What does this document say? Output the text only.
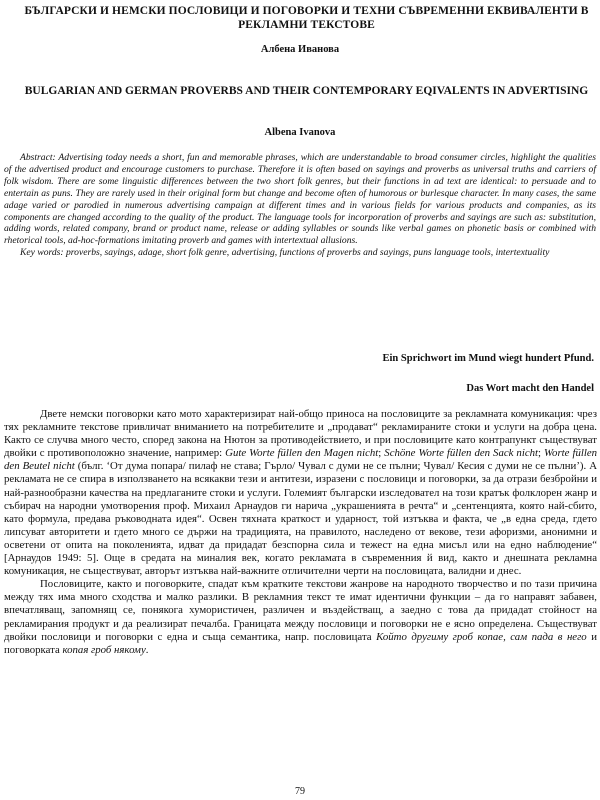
БЪЛГАРСКИ И НЕМСКИ ПОСЛОВИЦИ И ПОГОВОРКИ И ТЕХНИ СЪВРЕМЕННИ ЕКВИВАЛЕНТИ В РЕКЛАМНИ ТЕКСТОВЕ
Албена Иванова
BULGARIAN AND GERMAN PROVERBS AND THEIR CONTEMPORARY EQIVALENTS IN ADVERTISING
Albena Ivanova

Abstract: Advertising today needs a short, fun and memorable phrases, which are understandable to broad consumer circles, highlight the qualities of the advertised product and encourage customers to purchase. Therefore it is often based on sayings and proverbs as universal truths and carriers of folk wisdom. There are some linguistic differences between the two short folk genres, but their functions in ad text are identical: to persuade and to entertain as puns. They are rarely used in their original form but change and become often of humorous or burlesque character. In many cases, the same adage varied or parodied in numerous advertising campaign at different times and in various fields for various products and companies, as its components are changed according to the quality of the product. The language tools for incorporation of proverbs and sayings are such as: substitution, adding words, related company, brand or product name, release or adding syllables or sounds like verbal games on phonetic basis or combined with rhetorical tools, ad-hoc-formations imitating proverb and games with intertextual allusions.

Key words: proverbs, sayings, adage, short folk genre, advertising, functions of proverbs and sayings, puns language tools, intertextuality

Ein Sprichwort im Mund wiegt hundert Pfund.
Das Wort macht den Handel

Двете немски поговорки като мото характеризират най-общо приноса на пословиците за рекламната комуникация: чрез тях рекламните текстове привличат вниманието на потребителите и „продават“ рекламираните стоки и услуги на добра цена. Както се случва много често, според закона на Нютон за противодействието, и при пословиците като контрапункт съществуват двойки с противоположно значение, например: Gute Worte füllen den Magen nicht; Schöne Worte füllen den Sack nicht; Worte füllen den Beutel nicht (бълг. ‘От дума попара/ пилаф не става; Гърло/ Чувал с думи не се пълни; Чувал/ Кесия с думи не се пълни’). А рекламата не се спира в използването на всякакви тези и антитези, изразени с пословици и поговорки, за да отрази безбройни и най-разнообразни качества на предлаганите стоки и услуги. Големият български изследовател на този кратък фолклорен жанр и събирач на народни умотворения проф. Михаил Арнаудов ги нарича „украшенията в речта“ и „сентенцията, която най-сбито, като формула, предава ръководната идея“. Освен тяхната краткост и ударност, той изтъква и факта, че „в една среда, гдето липсуват авторитети и гдето много се държи на традицията, на правилото, наследено от векове, тези афоризми, анонимни и осветени от опита на поколенията, идват да придадат безспорна сила и тежест на една мисъл или на едно наблюдение“ [Арнаудов 1949: 5]. Още в средата на миналия век, когато рекламата в съвременния й вид, както и днешната рекламна комуникация, не съществуват, авторът изтъква най-важните отличителни черти на пословицата, валидни и днес.

Пословиците, както и поговорките, спадат към кратките текстови жанрове на народното творчество и по тази причина между тях има много сходства и малко разлики. В рекламния текст те имат идентични функции – да го направят забавен, впечатляващ, запомнящ се, понякога хумористичен, различен и въздействащ, а заедно с това да придадат стойност на рекламирания продукт и да реализират печалба. Границата между пословици и поговорки не е ясно определена. Съществуват двойки пословици и поговорки с една и съща семантика, напр. пословицата Който другиму гроб копае, сам пада в него и поговорката копая гроб някому.

79
